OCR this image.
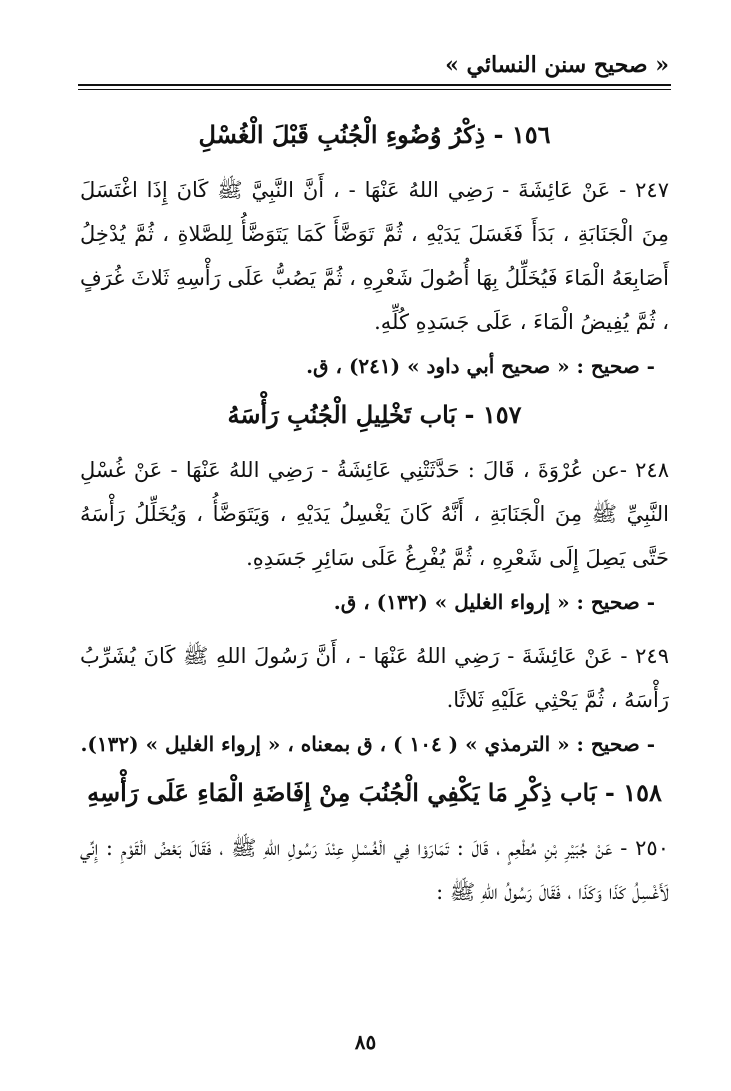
« صحيح سنن النسائي »
١٥٦ - ذِكْرُ وُضُوءِ الْجُنُبِ قَبْلَ الْغُسْلِ

٢٤٧ - عَنْ عَائِشَةَ - رَضِي اللهُ عَنْهَا - ، أَنَّ النَّبِيَّ ﷺ كَانَ إِذَا اغْتَسَلَ مِنَ الْجَنَابَةِ ، بَدَأَ فَغَسَلَ يَدَيْهِ ، ثُمَّ تَوَضَّأَ كَمَا يَتَوَضَّأُ لِلصَّلاةِ ، ثُمَّ يُدْخِلُ أَصَابِعَهُ الْمَاءَ فَيُخَلِّلُ بِهَا أُصُولَ شَعْرِهِ ، ثُمَّ يَصُبُّ عَلَى رَأْسِهِ ثَلاثَ غُرَفٍ ، ثُمَّ يُفِيضُ الْمَاءَ ، عَلَى جَسَدِهِ كُلِّهِ.

- صحيح : « صحيح أبي داود » (٢٤١) ، ق.
١٥٧ - بَاب تَخْلِيلِ الْجُنُبِ رَأْسَهُ

٢٤٨ -عن عُرْوَةَ ، قَالَ : حَدَّثَتْنِي عَائِشَةُ - رَضِي اللهُ عَنْهَا - عَنْ غُسْلِ النَّبِيِّ ﷺ مِنَ الْجَنَابَةِ ، أَنَّهُ كَانَ يَغْسِلُ يَدَيْهِ ، وَيَتَوَضَّأُ ، وَيُخَلِّلُ رَأْسَهُ حَتَّى يَصِلَ إِلَى شَعْرِهِ ، ثُمَّ يُفْرِغُ عَلَى سَائِرِ جَسَدِهِ.

- صحيح : « إرواء الغليل » (١٣٢) ، ق.

٢٤٩ - عَنْ عَائِشَةَ - رَضِي اللهُ عَنْهَا - ، أَنَّ رَسُولَ اللهِ ﷺ كَانَ يُشَرِّبُ رَأْسَهُ ، ثُمَّ يَحْثِي عَلَيْهِ ثَلاثًا.

- صحيح : « الترمذي » ( ١٠٤ ) ، ق بمعناه ، « إرواء الغليل » (١٣٢).
١٥٨ - بَاب ذِكْرِ مَا يَكْفِي الْجُنُبَ مِنْ إِفَاضَةِ الْمَاءِ عَلَى رَأْسِهِ

٢٥٠ - عَنْ جُبَيْرِ بْنِ مُطْعِمٍ ، قَالَ : تَمَارَوْا فِي الْغُسْلِ عِنْدَ رَسُولِ اللهِ ﷺ ، فَقَالَ بَعْضُ الْقَوْمِ : إِنِّي لَأَغْسِلُ كَذَا وَكَذَا ، فَقَالَ رَسُولُ اللهِ ﷺ :

٨٥
